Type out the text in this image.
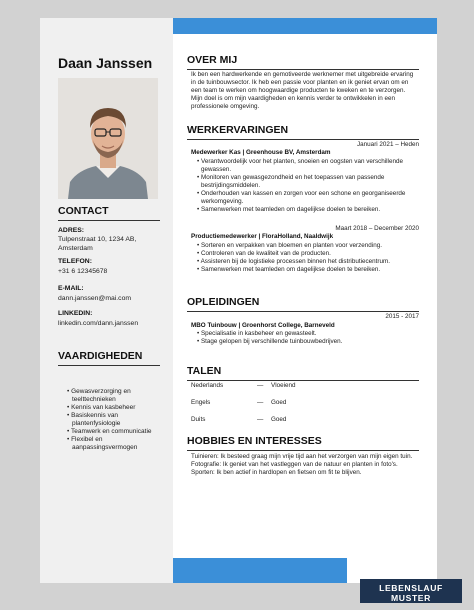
Daan Janssen
CONTACT
ADRES:
Tulpenstraat 10, 1234 AB, Amsterdam
TELEFON:
+31 6 12345678
E-MAIL:
dann.janssen@mai.com
LINKEDIN:
linkedin.com/dann.janssen
VAARDIGHEDEN
• Gewasverzorging en teelttechnieken
• Kennis van kasbeheer
• Basiskennis van plantenfysiologie
• Teamwerk en communicatie
• Flexibel en aanpassingsvermogen
OVER MIJ
Ik ben een hardwerkende en gemotiveerde werknemer met uitgebreide ervaring in de tuinbouwsector. Ik heb een passie voor planten en ik geniet ervan om en een team te werken om hoogwaardige producten te kweken en te verzorgen. Mijn doel is om mijn vaardigheden en kennis verder te ontwikkelen in een professionele omgeving.
WERKERVARINGEN
Januari 2021 – Heden
Medewerker Kas | Greenhouse BV, Amsterdam
• Verantwoordelijk voor het planten, snoeien en oogsten van verschillende gewassen.
• Monitoren van gewasgezondheid en het toepassen van passende bestrijdingsmiddelen.
• Onderhouden van kassen en zorgen voor een schone en georganiseerde werkomgeving.
• Samenwerken met teamleden om dagelijkse doelen te bereiken.
Maart 2018 – December 2020
Productiemedewerker | FloraHolland, Naaldwijk
• Sorteren en verpakken van bloemen en planten voor verzending.
• Controleren van de kwaliteit van de producten.
• Assisteren bij de logistieke processen binnen het distributiecentrum.
• Samenwerken met teamleden om dagelijkse doelen te bereiken.
OPLEIDINGEN
2015 - 2017
MBO Tuinbouw | Groenhorst College, Barneveld
• Specialisatie in kasbeheer en gewasteelt.
• Stage gelopen bij verschillende tuinbouwbedrijven.
TALEN
Nederlands	— Vloeiend
Engels	— Goed
Duits	— Goed
HOBBIES EN INTERESSES
Tuinieren: Ik besteed graag mijn vrije tijd aan het verzorgen van mijn eigen tuin.
Fotografie: Ik geniet van het vastleggen van de natuur en planten in foto's.
Sporten: Ik ben actief in hardlopen en fietsen om fit te blijven.
LEBENSLAUF MUSTER
FOR A CAREER
